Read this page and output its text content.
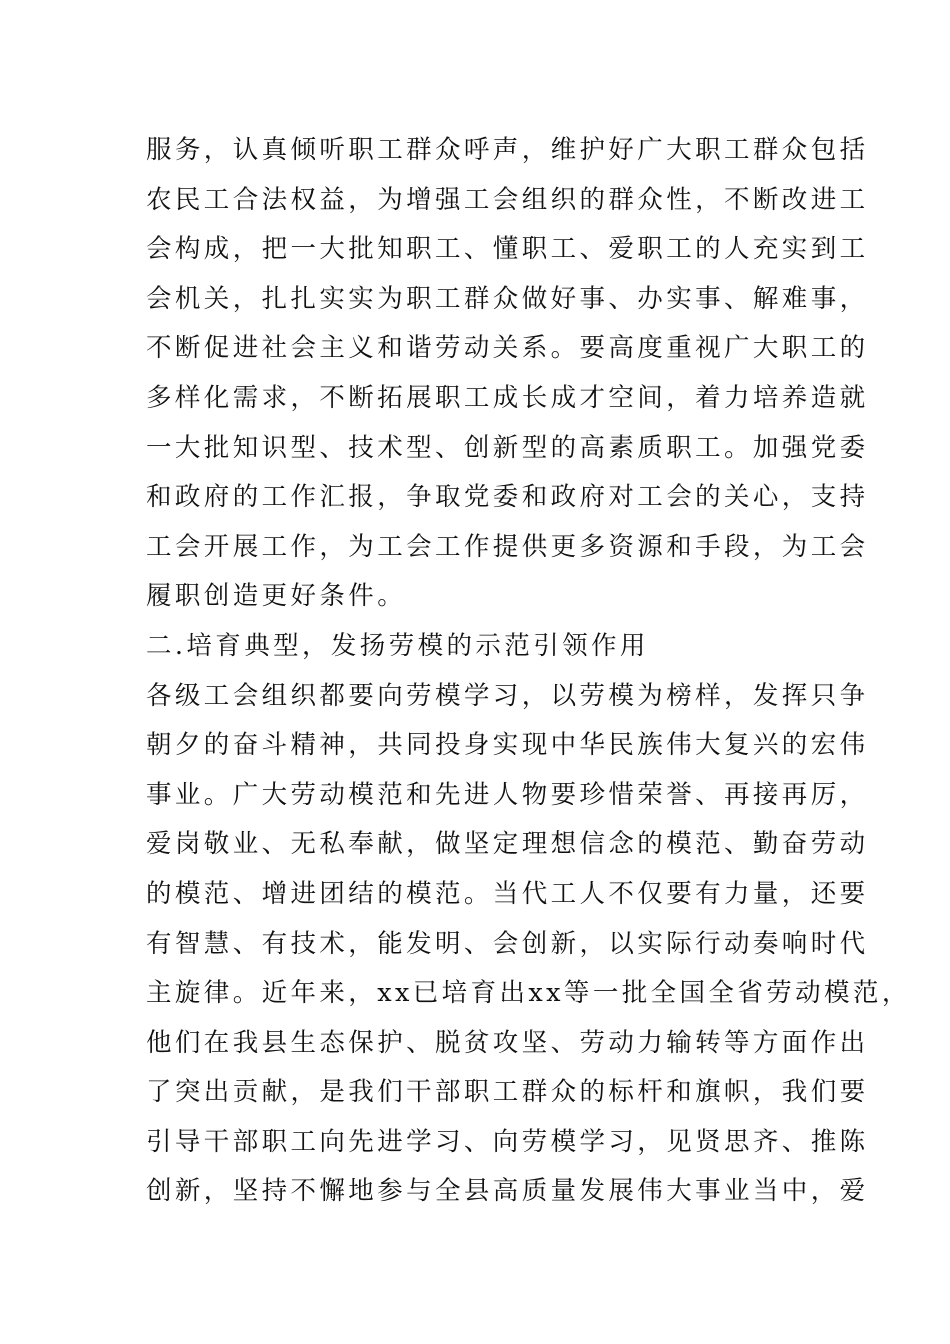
服务，认真倾听职工群众呼声，维护好广大职工群众包括
农民工合法权益，为增强工会组织的群众性，不断改进工
会构成，把一大批知职工、懂职工、爱职工的人充实到工
会机关，扎扎实实为职工群众做好事、办实事、解难事，
不断促进社会主义和谐劳动关系。要高度重视广大职工的
多样化需求，不断拓展职工成长成才空间，着力培养造就
一大批知识型、技术型、创新型的高素质职工。加强党委
和政府的工作汇报，争取党委和政府对工会的关心，支持
工会开展工作，为工会工作提供更多资源和手段，为工会
履职创造更好条件。
二.培育典型，发扬劳模的示范引领作用
各级工会组织都要向劳模学习，以劳模为榜样，发挥只争
朝夕的奋斗精神，共同投身实现中华民族伟大复兴的宏伟
事业。广大劳动模范和先进人物要珍惜荣誉、再接再厉，
爱岗敬业、无私奉献，做坚定理想信念的模范、勤奋劳动
的模范、增进团结的模范。当代工人不仅要有力量，还要
有智慧、有技术，能发明、会创新，以实际行动奏响时代
主旋律。近年来，xx已培育出xx等一批全国全省劳动模范，
他们在我县生态保护、脱贫攻坚、劳动力输转等方面作出
了突出贡献，是我们干部职工群众的标杆和旗帜，我们要
引导干部职工向先进学习、向劳模学习，见贤思齐、推陈
创新，坚持不懈地参与全县高质量发展伟大事业当中，爱
